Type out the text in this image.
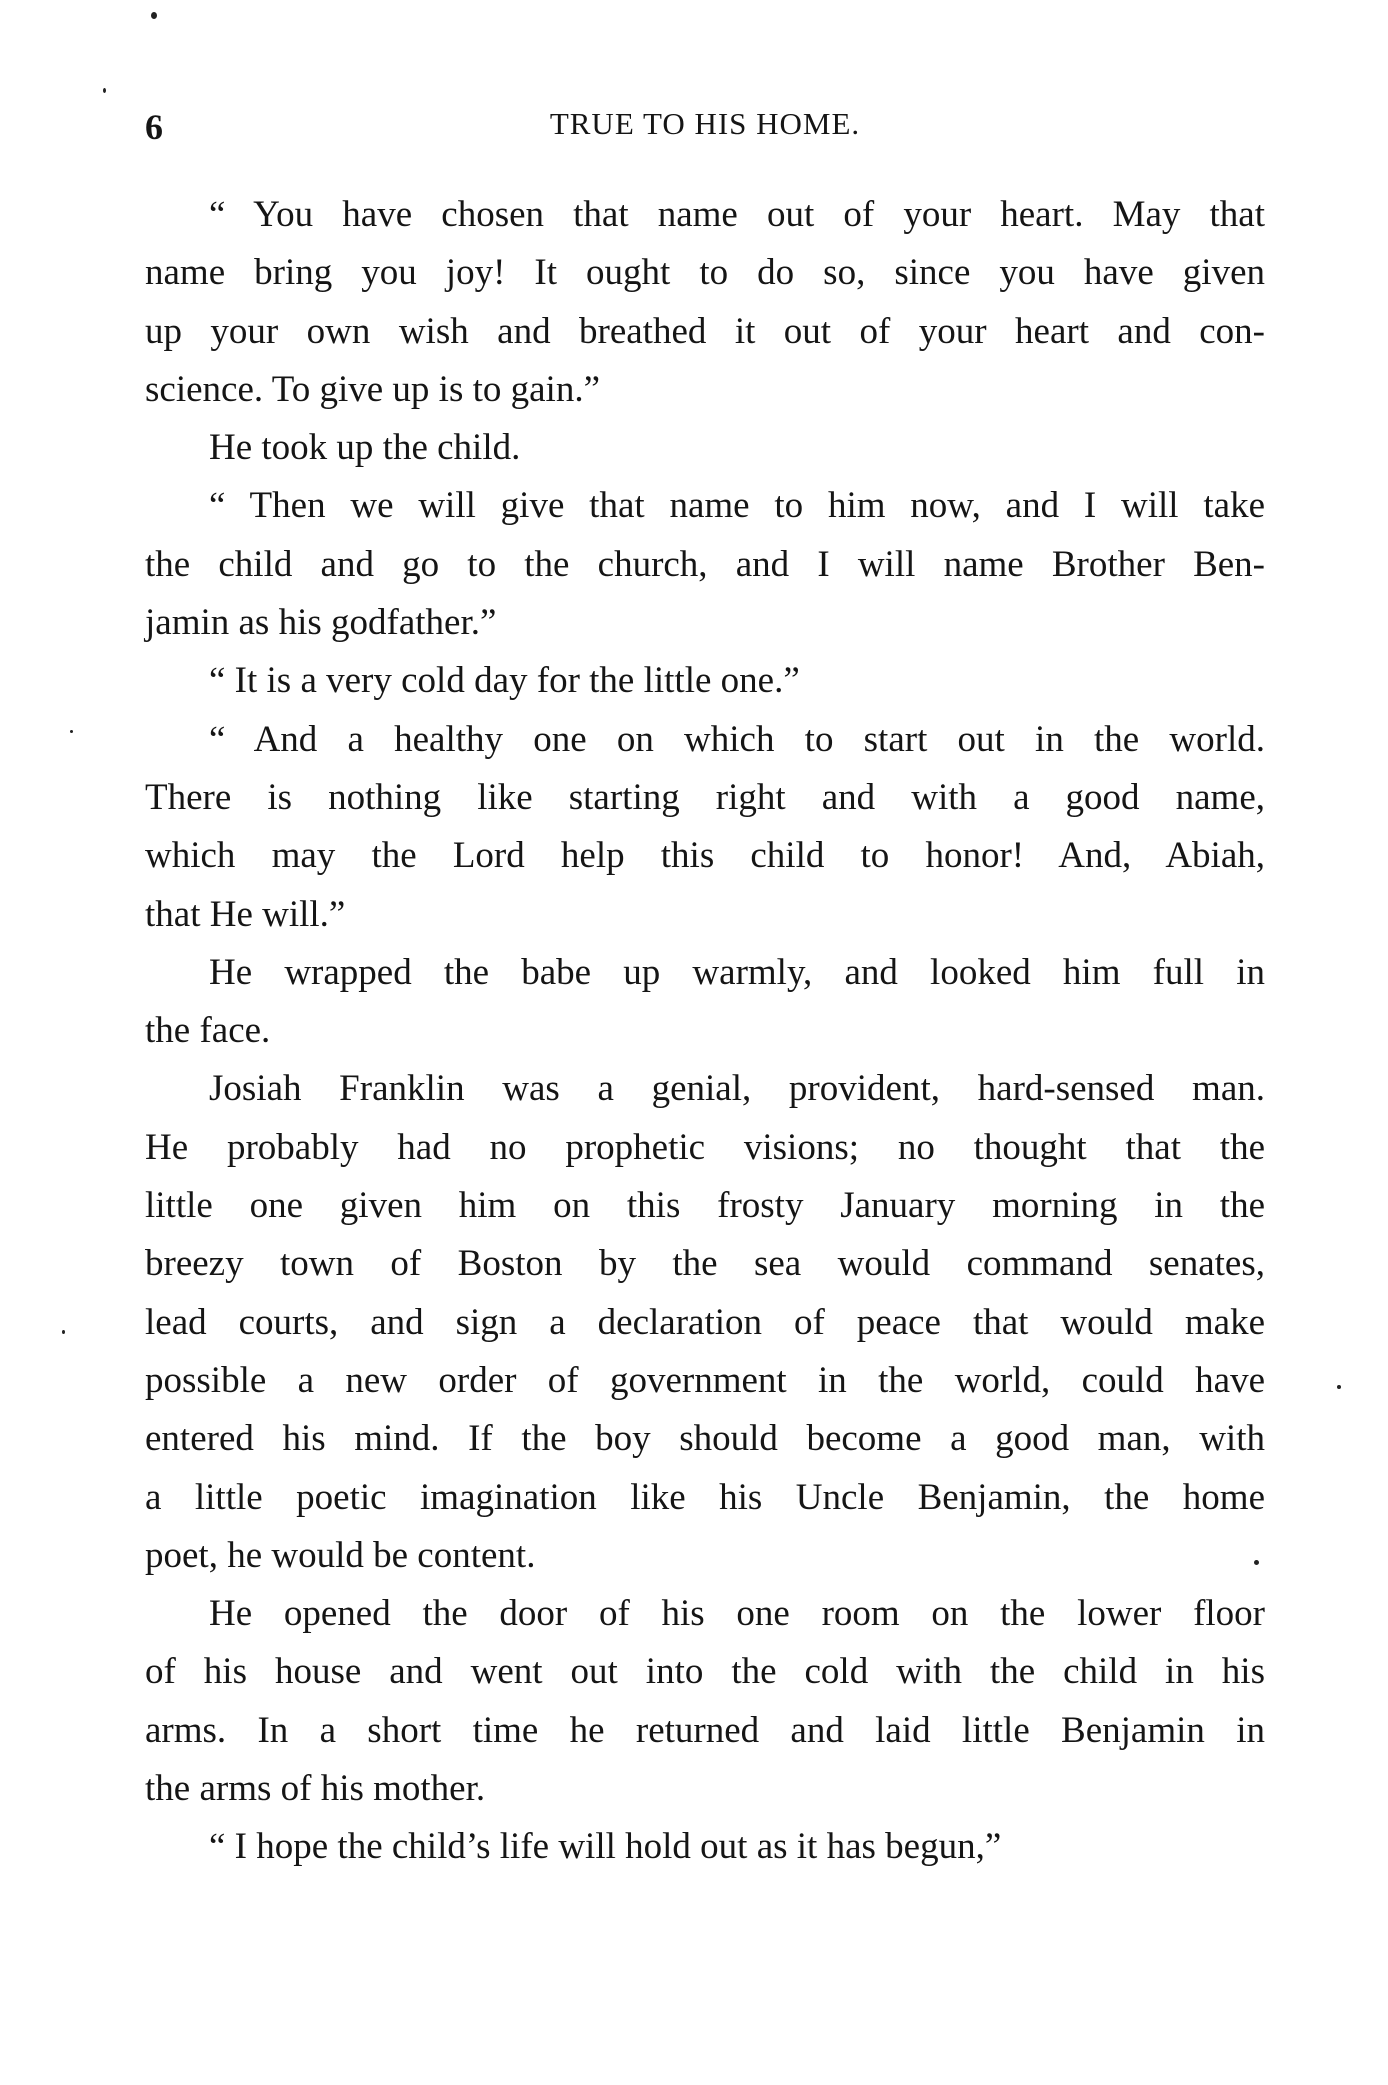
6	TRUE TO HIS HOME.
“ You have chosen that name out of your heart. May that
name bring you joy! It ought to do so, since you have given
up your own wish and breathed it out of your heart and con-
science. To give up is to gain.”
He took up the child.
“ Then we will give that name to him now, and I will take
the child and go to the church, and I will name Brother Ben-
jamin as his godfather.”
“ It is a very cold day for the little one.”
“ And a healthy one on which to start out in the world.
There is nothing like starting right and with a good name,
which may the Lord help this child to honor! And, Abiah,
that He will.”
He wrapped the babe up warmly, and looked him full in
the face.
Josiah Franklin was a genial, provident, hard-sensed man.
He probably had no prophetic visions; no thought that the
little one given him on this frosty January morning in the
breezy town of Boston by the sea would command senates,
lead courts, and sign a declaration of peace that would make
possible a new order of government in the world, could have
entered his mind. If the boy should become a good man, with
a little poetic imagination like his Uncle Benjamin, the home
poet, he would be content.
He opened the door of his one room on the lower floor
of his house and went out into the cold with the child in his
arms. In a short time he returned and laid little Benjamin in
the arms of his mother.
“ I hope the child’s life will hold out as it has begun,”
